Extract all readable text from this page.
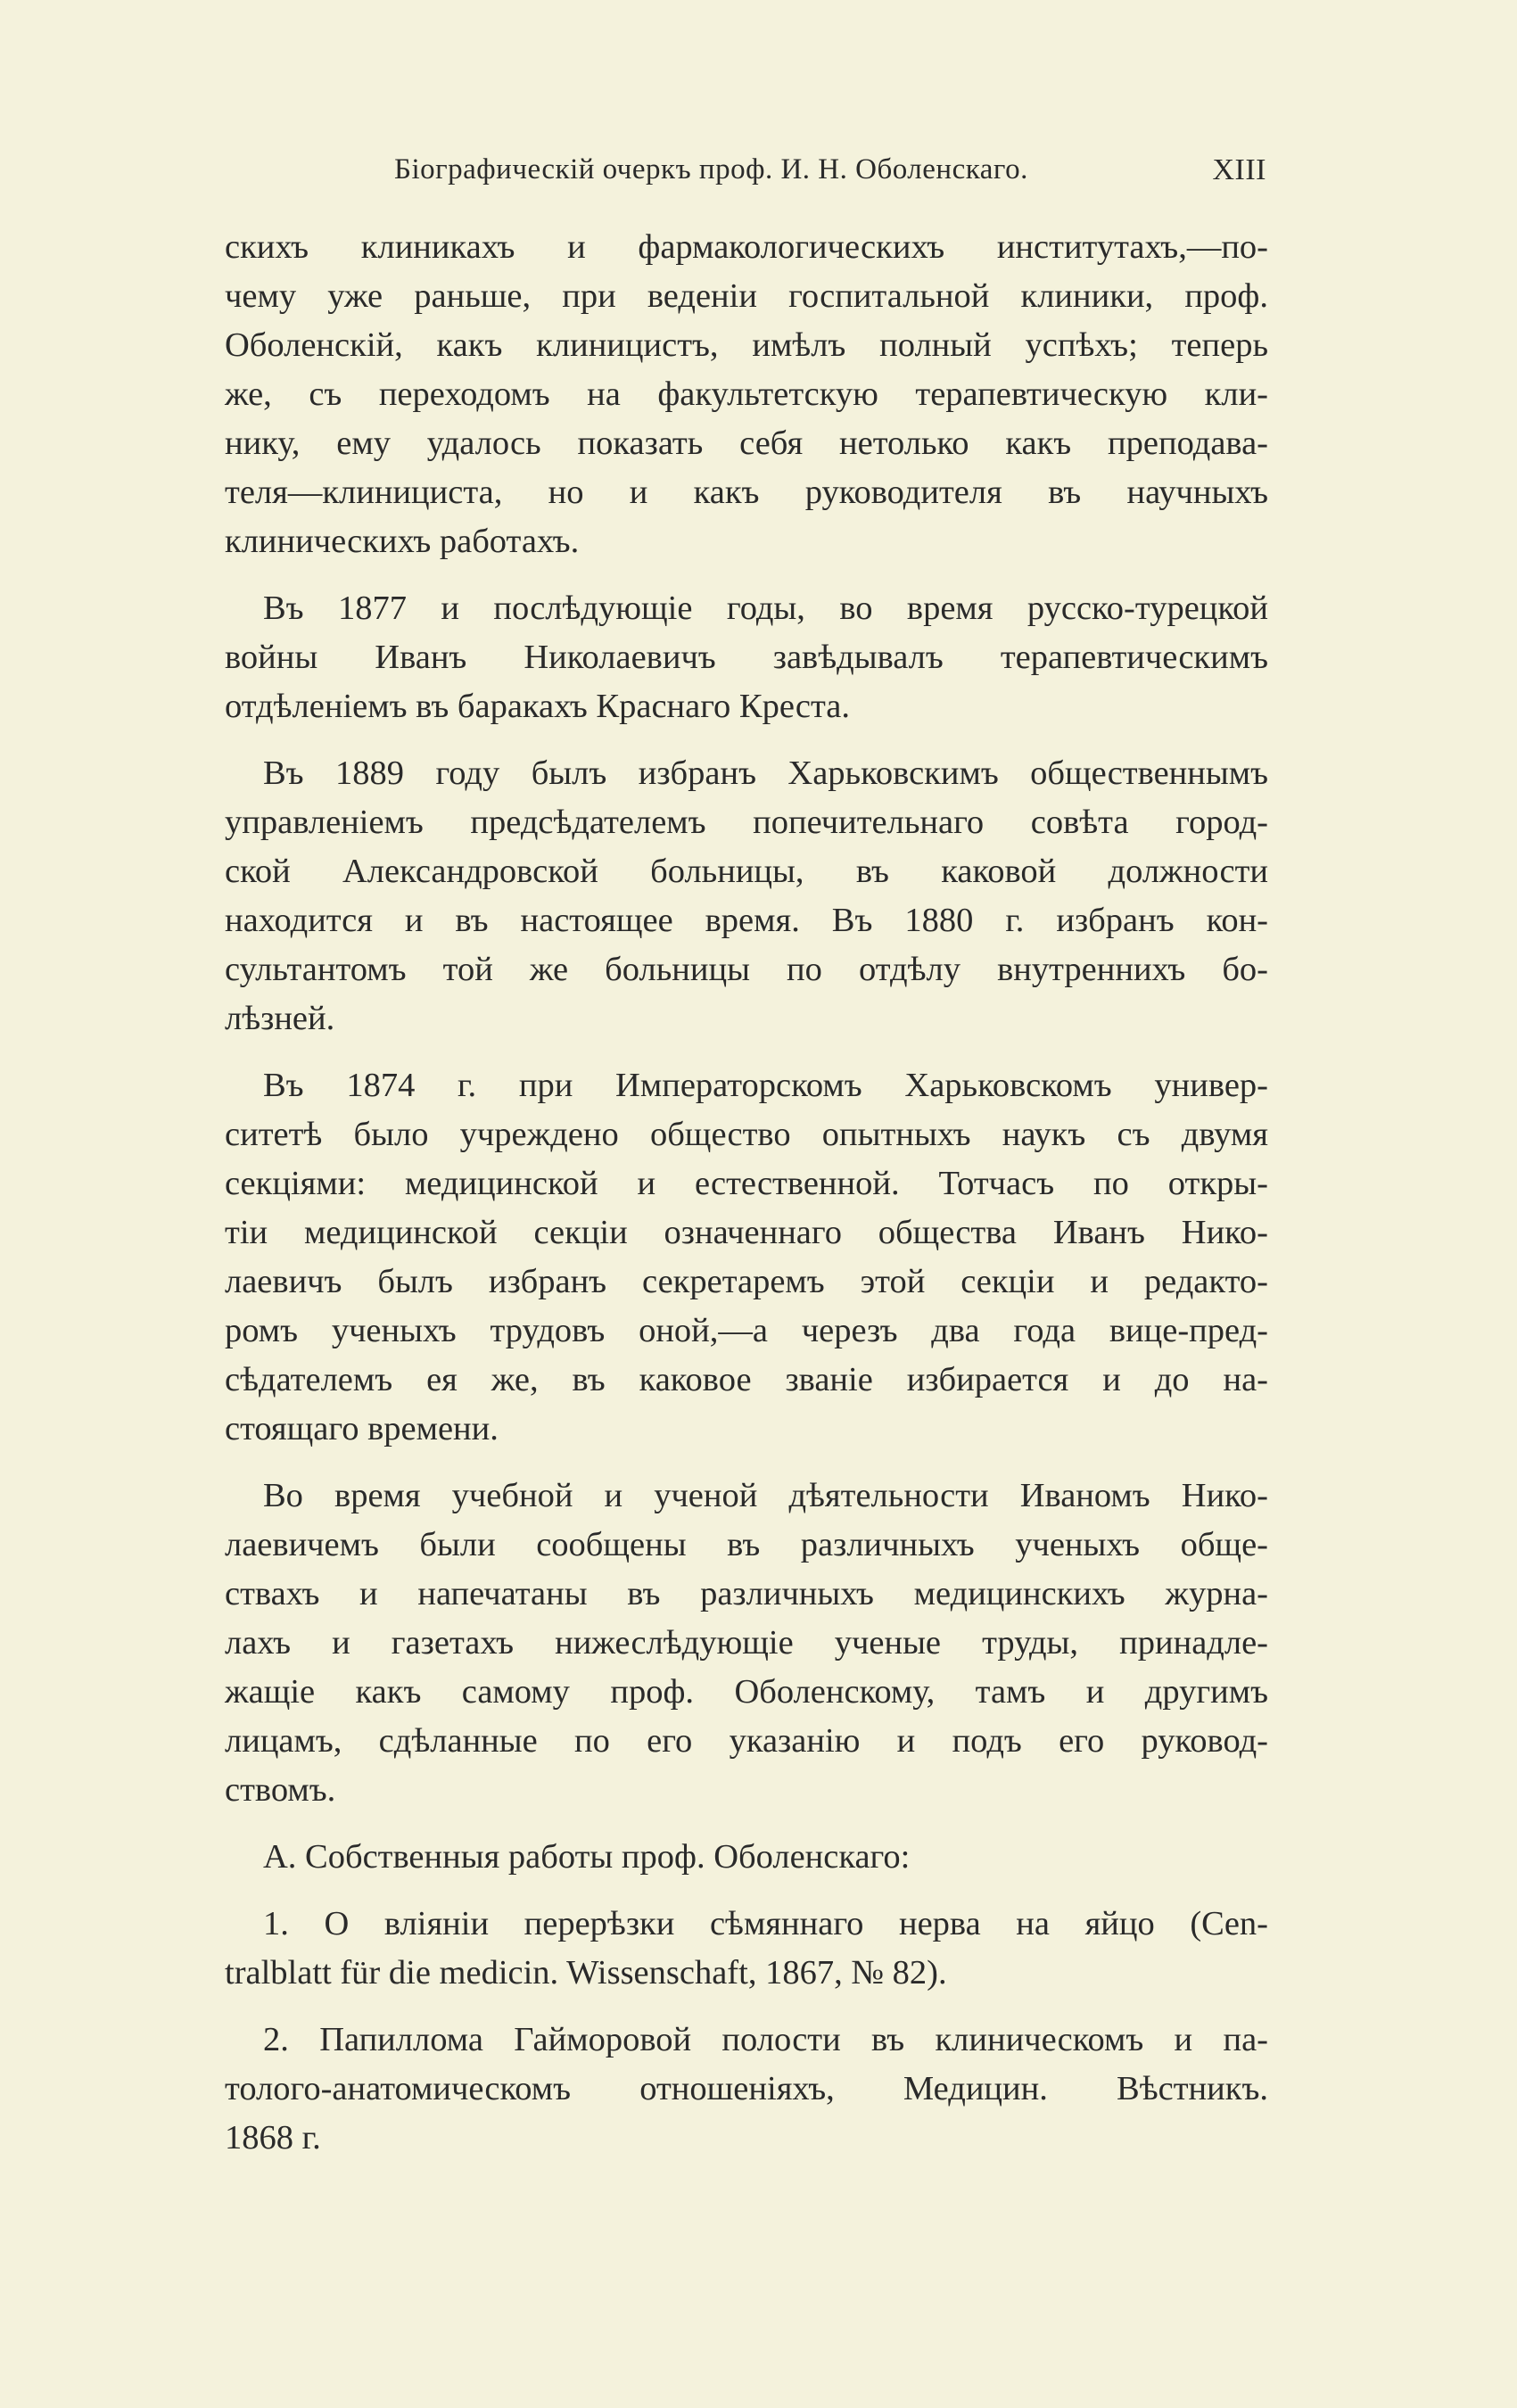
Біографическій очеркъ проф. И. Н. Оболенскаго.	XIII
скихъ клиникахъ и фармакологическихъ институтахъ,—по-
чему уже раньше, при веденіи госпитальной клиники, проф.
Оболенскій, какъ клиницистъ, имѣлъ полный успѣхъ; теперь
же, съ переходомъ на факультетскую терапевтическую кли-
нику, ему удалось показать себя нетолько какъ преподава-
теля—клинициста, но и какъ руководителя въ научныхъ
клиническихъ работахъ.
Въ 1877 и послѣдующіе годы, во время русско-турецкой
войны Иванъ Николаевичъ завѣдывалъ терапевтическимъ
отдѣленіемъ въ баракахъ Краснаго Креста.
Въ 1889 году былъ избранъ Харьковскимъ общественнымъ
управленіемъ предсѣдателемъ попечительнаго совѣта город-
ской Александровской больницы, въ каковой должности
находится и въ настоящее время. Въ 1880 г. избранъ кон-
сультантомъ той же больницы по отдѣлу внутреннихъ бо-
лѣзней.
Въ 1874 г. при Императорскомъ Харьковскомъ универ-
ситетѣ было учреждено общество опытныхъ наукъ съ двумя
секціями: медицинской и естественной. Тотчасъ по откры-
тіи медицинской секціи означеннаго общества Иванъ Нико-
лаевичъ былъ избранъ секретаремъ этой секціи и редакто-
ромъ ученыхъ трудовъ оной,—а черезъ два года вице-пред-
сѣдателемъ ея же, въ каковое званіе избирается и до на-
стоящаго времени.
Во время учебной и ученой дѣятельности Иваномъ Нико-
лаевичемъ были сообщены въ различныхъ ученыхъ обще-
ствахъ и напечатаны въ различныхъ медицинскихъ журна-
лахъ и газетахъ нижеслѣдующіе ученые труды, принадле-
жащіе какъ самому проф. Оболенскому, тамъ и другимъ
лицамъ, сдѣланные по его указанію и подъ его руковод-
ствомъ.
А. Собственныя работы проф. Оболенскаго:
1. О вліяніи перерѣзки сѣмяннаго нерва на яйцо (Cen-
tralblatt für die medicin. Wissenschaft, 1867, № 82).
2. Папиллома Гаймоpовой полости въ клиническомъ и па-
толого-анатомическомъ отношеніяхъ, Медицин. Вѣстникъ.
1868 г.
